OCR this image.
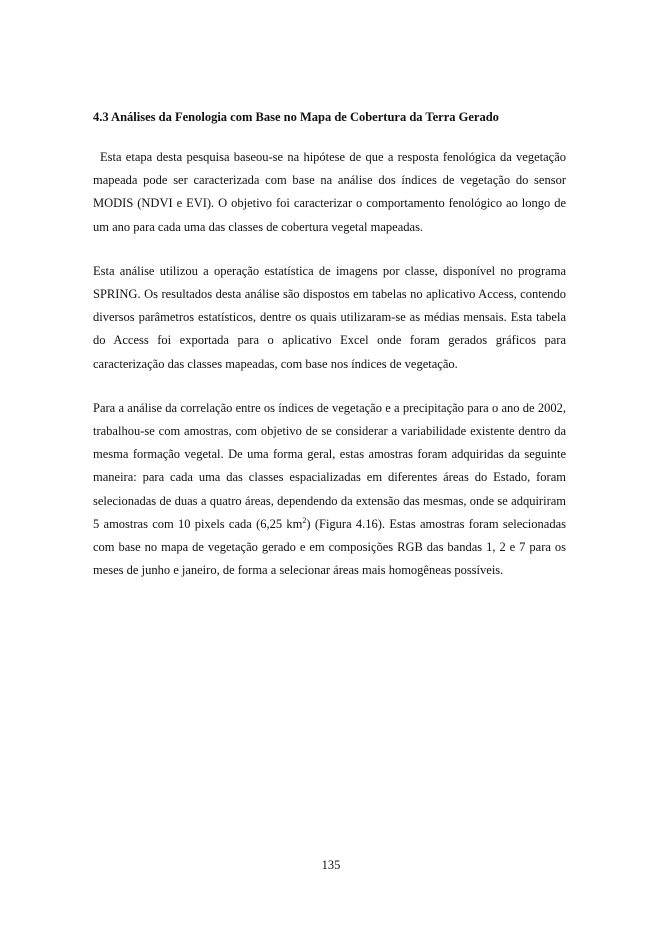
4.3 Análises da Fenologia com Base no Mapa de Cobertura da Terra Gerado

Esta etapa desta pesquisa baseou-se na hipótese de que a resposta fenológica da vegetação mapeada pode ser caracterizada com base na análise dos índices de vegetação do sensor MODIS (NDVI e EVI). O objetivo foi caracterizar o comportamento fenológico ao longo de um ano para cada uma das classes de cobertura vegetal mapeadas.

Esta análise utilizou a operação estatística de imagens por classe, disponível no programa SPRING. Os resultados desta análise são dispostos em tabelas no aplicativo Access, contendo diversos parâmetros estatísticos, dentre os quais utilizaram-se as médias mensais. Esta tabela do Access foi exportada para o aplicativo Excel onde foram gerados gráficos para caracterização das classes mapeadas, com base nos índices de vegetação.

Para a análise da correlação entre os índices de vegetação e a precipitação para o ano de 2002, trabalhou-se com amostras, com objetivo de se considerar a variabilidade existente dentro da mesma formação vegetal. De uma forma geral, estas amostras foram adquiridas da seguinte maneira: para cada uma das classes espacializadas em diferentes áreas do Estado, foram selecionadas de duas a quatro áreas, dependendo da extensão das mesmas, onde se adquiriram 5 amostras com 10 pixels cada (6,25 $km^2$) (Figura 4.16). Estas amostras foram selecionadas com base no mapa de vegetação gerado e em composições RGB das bandas 1, 2 e 7 para os meses de junho e janeiro, de forma a selecionar áreas mais homogêneas possíveis.

135
